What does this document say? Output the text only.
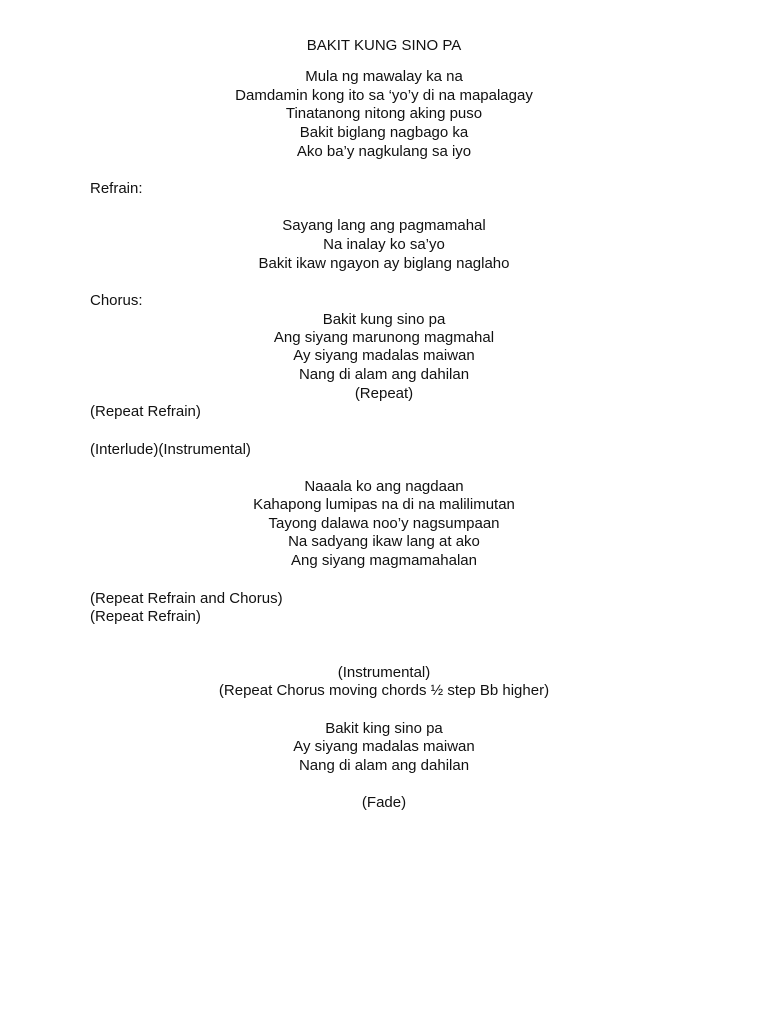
BAKIT KUNG SINO PA
Mula ng mawalay ka na
Damdamin kong ito sa ‘yo’y di na mapalagay
Tinatanong nitong aking puso
Bakit biglang nagbago ka
Ako ba’y nagkulang sa iyo
Refrain:
Sayang lang ang pagmamahal
Na inalay ko sa’yo
Bakit ikaw ngayon ay biglang naglaho
Chorus:
Bakit kung sino pa
Ang siyang marunong magmahal
Ay siyang madalas maiwan
Nang di alam ang dahilan
(Repeat)
(Repeat Refrain)
(Interlude)(Instrumental)
Naaala ko ang nagdaan
Kahapong lumipas na di na malilimutan
Tayong dalawa noo’y nagsumpaan
Na sadyang ikaw lang at ako
Ang siyang magmamahalan
(Repeat Refrain and Chorus)
(Repeat Refrain)
(Instrumental)
(Repeat Chorus moving chords ½ step Bb higher)
Bakit king sino pa
Ay siyang madalas maiwan
Nang di alam ang dahilan
(Fade)
